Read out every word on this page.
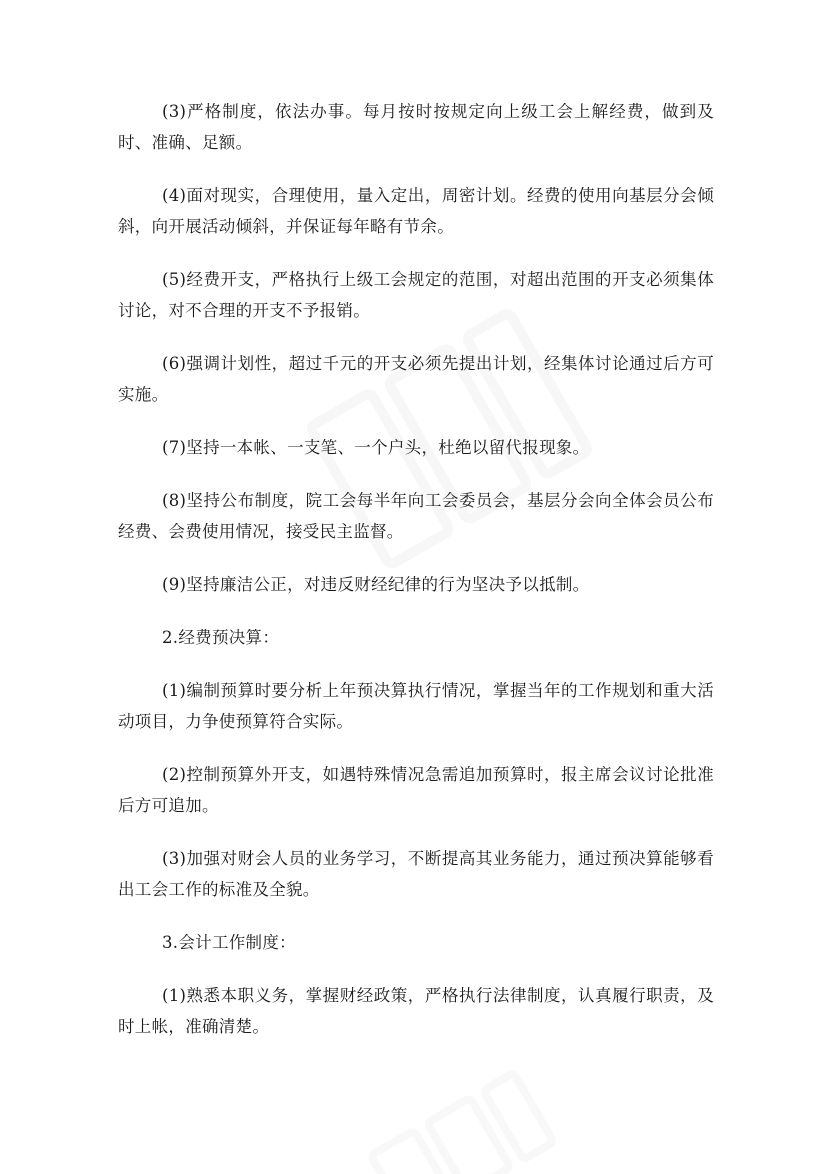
(3)严格制度，依法办事。每月按时按规定向上级工会上解经费，做到及时、准确、足额。

(4)面对现实，合理使用，量入定出，周密计划。经费的使用向基层分会倾斜，向开展活动倾斜，并保证每年略有节余。

(5)经费开支，严格执行上级工会规定的范围，对超出范围的开支必须集体讨论，对不合理的开支不予报销。

(6)强调计划性，超过千元的开支必须先提出计划，经集体讨论通过后方可实施。

(7)坚持一本帐、一支笔、一个户头，杜绝以留代报现象。

(8)坚持公布制度，院工会每半年向工会委员会，基层分会向全体会员公布经费、会费使用情况，接受民主监督。

(9)坚持廉洁公正，对违反财经纪律的行为坚决予以抵制。

2.经费预决算：

(1)编制预算时要分析上年预决算执行情况，掌握当年的工作规划和重大活动项目，力争使预算符合实际。

(2)控制预算外开支，如遇特殊情况急需追加预算时，报主席会议讨论批准后方可追加。

(3)加强对财会人员的业务学习，不断提高其业务能力，通过预决算能够看出工会工作的标准及全貌。

3.会计工作制度：

(1)熟悉本职义务，掌握财经政策，严格执行法律制度，认真履行职责，及时上帐，准确清楚。
